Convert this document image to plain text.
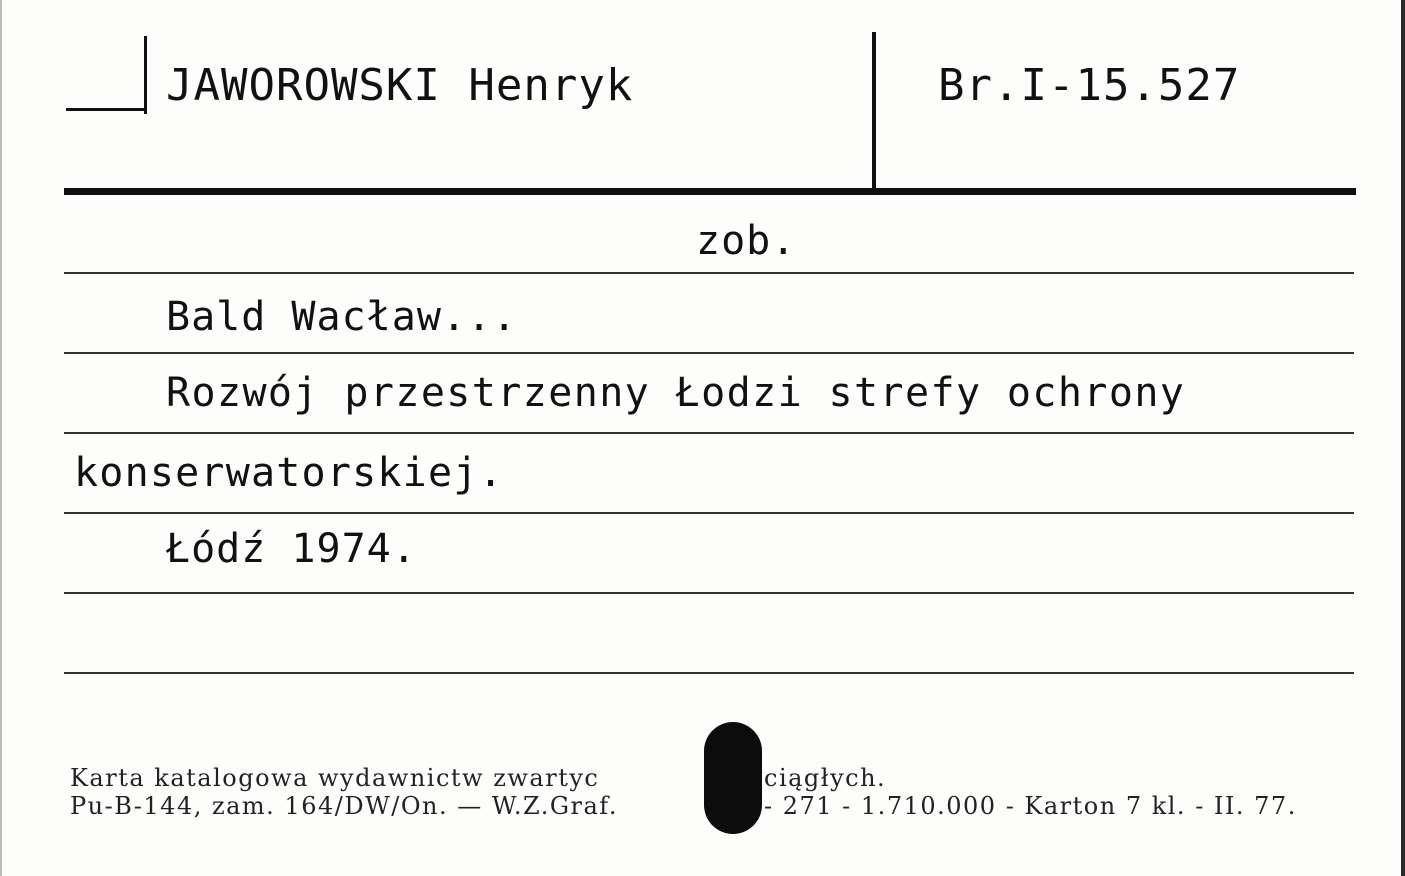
JAWOROWSKI Henryk	Br.I-15.527
zob.
Bald Wacław...
Rozwój przestrzenny Łodzi strefy ochrony
konserwatorskiej.
Łódź 1974.
Karta katalogowa wydawnictw zwartyc	ciągłych.
Pu-B-144, zam. 164/DW/On. — W.Z.Graf.	- 271 - 1.710.000 - Karton 7 kl. - II. 77.
